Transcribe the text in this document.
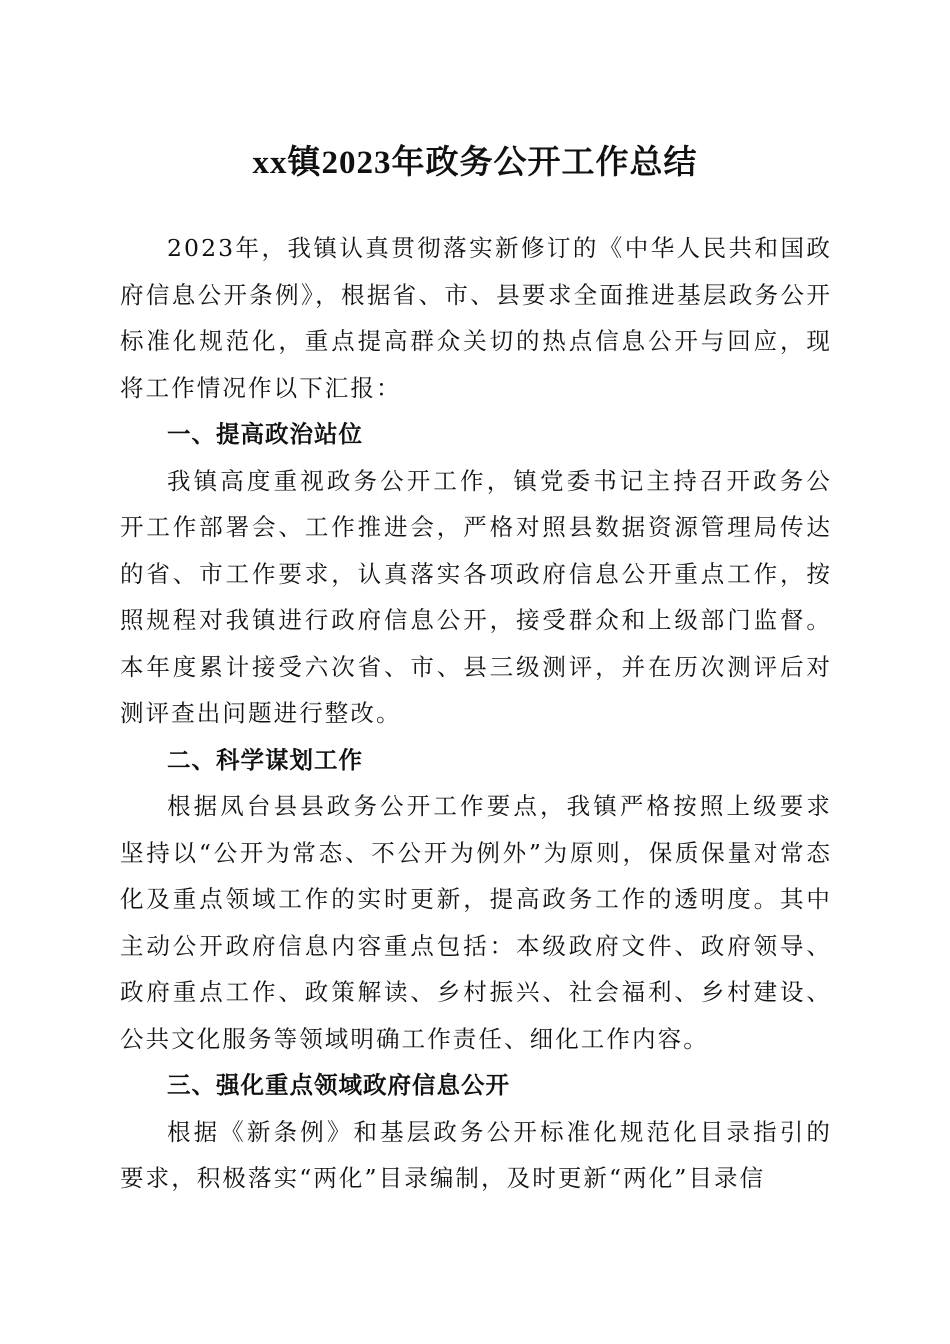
xx镇2023年政务公开工作总结

2023年，我镇认真贯彻落实新修订的《中华人民共和国政府信息公开条例》，根据省、市、县要求全面推进基层政务公开标准化规范化，重点提高群众关切的热点信息公开与回应，现将工作情况作以下汇报：

一、提高政治站位

我镇高度重视政务公开工作，镇党委书记主持召开政务公开工作部署会、工作推进会，严格对照县数据资源管理局传达的省、市工作要求，认真落实各项政府信息公开重点工作，按照规程对我镇进行政府信息公开，接受群众和上级部门监督。本年度累计接受六次省、市、县三级测评，并在历次测评后对测评查出问题进行整改。

二、科学谋划工作

根据凤台县县政务公开工作要点，我镇严格按照上级要求坚持以“公开为常态、不公开为例外”为原则，保质保量对常态化及重点领域工作的实时更新，提高政务工作的透明度。其中主动公开政府信息内容重点包括：本级政府文件、政府领导、政府重点工作、政策解读、乡村振兴、社会福利、乡村建设、公共文化服务等领域明确工作责任、细化工作内容。

三、强化重点领域政府信息公开

根据《新条例》和基层政务公开标准化规范化目录指引的要求，积极落实“两化”目录编制，及时更新“两化”目录信
